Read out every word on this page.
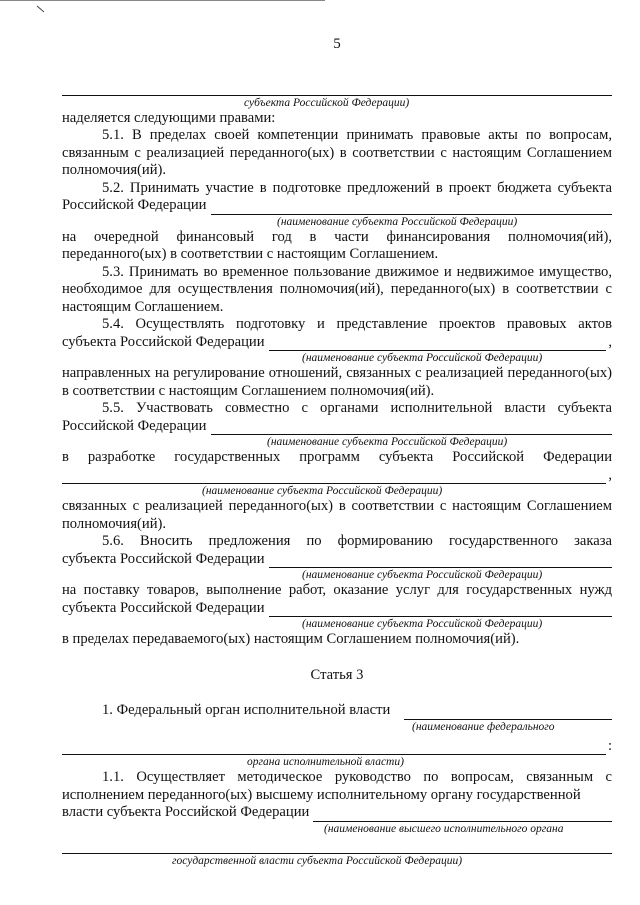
5
субъекта Российской Федерации)

наделяется следующими правами:

5.1. В пределах своей компетенции принимать правовые акты по вопросам, связанным с реализацией переданного(ых) в соответствии с настоящим Соглашением полномочия(ий).

5.2. Принимать участие в подготовке предложений в проект бюджета субъекта

Российской Федерации
(наименование субъекта Российской Федерации)

на очередной финансовый год в части финансирования полномочия(ий), переданного(ых) в соответствии с настоящим Соглашением.

5.3. Принимать во временное пользование движимое и недвижимое имущество, необходимое для осуществления полномочия(ий), переданного(ых) в соответствии с настоящим Соглашением.

5.4. Осуществлять подготовку и представление проектов правовых актов

субъекта Российской Федерации	,
(наименование субъекта Российской Федерации)

направленных на регулирование отношений, связанных с реализацией переданного(ых) в соответствии с настоящим Соглашением полномочия(ий).

5.5. Участвовать совместно с органами исполнительной власти субъекта

Российской Федерации
(наименование субъекта Российской Федерации)

в разработке государственных программ субъекта Российской Федерации

,
(наименование субъекта Российской Федерации)

связанных с реализацией переданного(ых) в соответствии с настоящим Соглашением полномочия(ий).

5.6. Вносить предложения по формированию государственного заказа

субъекта Российской Федерации
(наименование субъекта Российской Федерации)

на поставку товаров, выполнение работ, оказание услуг для государственных нужд

субъекта Российской Федерации
(наименование субъекта Российской Федерации)

в пределах передаваемого(ых) настоящим Соглашением полномочия(ий).

Статья 3
1. Федеральный орган исполнительной власти
(наименование федерального
:
органа исполнительной власти)

1.1. Осуществляет методическое руководство по вопросам, связанным с исполнением переданного(ых) высшему исполнительному органу государственной

власти субъекта Российской Федерации
(наименование высшего исполнительного органа
государственной власти субъекта Российской Федерации)
